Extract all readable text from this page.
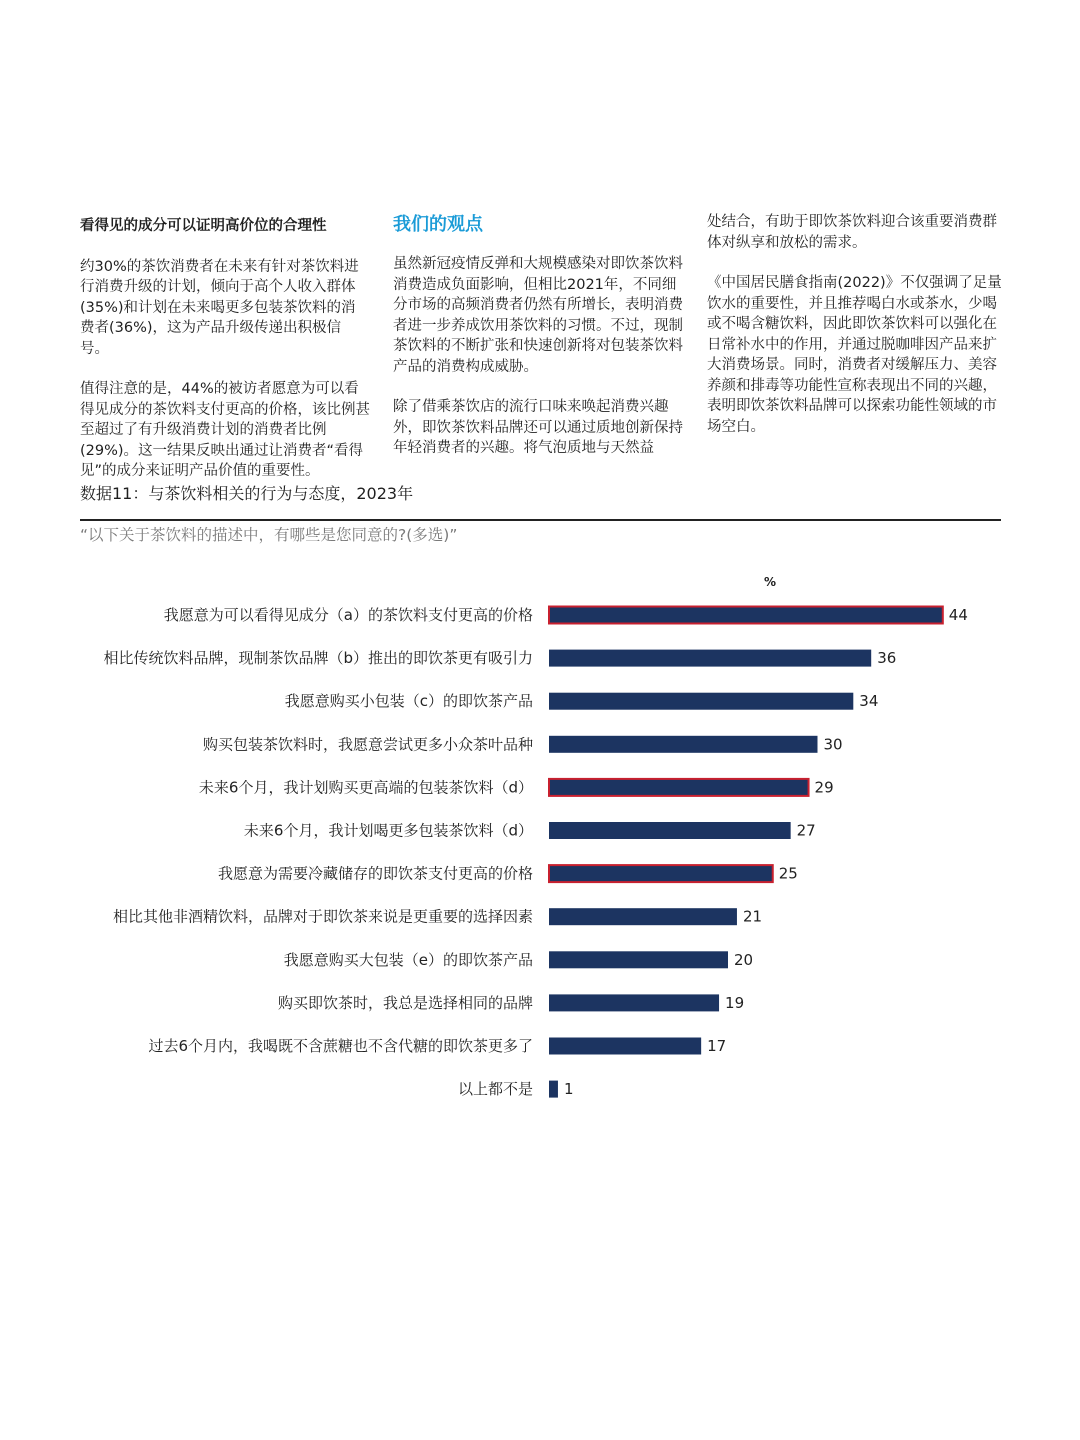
看得见的成分可以证明高价位的合理性

约30%的茶饮消费者在未来有针对茶饮料进行消费升级的计划，倾向于高个人收入群体(35%)和计划在未来喝更多包装茶饮料的消费者(36%)，这为产品升级传递出积极信号。

值得注意的是，44%的被访者愿意为可以看得见成分的茶饮料支付更高的价格，该比例甚至超过了有升级消费计划的消费者比例(29%)。这一结果反映出通过让消费者“看得见”的成分来证明产品价值的重要性。

我们的观点

虽然新冠疫情反弹和大规模感染对即饮茶饮料消费造成负面影响，但相比2021年，不同细分市场的高频消费者仍然有所增长，表明消费者进一步养成饮用茶饮料的习惯。不过，现制茶饮料的不断扩张和快速创新将对包装茶饮料产品的消费构成威胁。

除了借乘茶饮店的流行口味来唤起消费兴趣外，即饮茶饮料品牌还可以通过质地创新保持年轻消费者的兴趣。将气泡质地与天然益

处结合，有助于即饮茶饮料迎合该重要消费群体对纵享和放松的需求。

《中国居民膳食指南(2022)》不仅强调了足量饮水的重要性，并且推荐喝白水或茶水，少喝或不喝含糖饮料，因此即饮茶饮料可以强化在日常补水中的作用，并通过脱咖啡因产品来扩大消费场景。同时，消费者对缓解压力、美容养颜和排毒等功能性宣称表现出不同的兴趣，表明即饮茶饮料品牌可以探索功能性领域的市场空白。

数据11：与茶饮料相关的行为与态度，2023年
“以下关于茶饮料的描述中，有哪些是您同意的?(多选)”
%
我愿意为可以看得见成分（a）的茶饮料支付更高的价格	44
相比传统饮料品牌，现制茶饮品牌（b）推出的即饮茶更有吸引力	36
我愿意购买小包装（c）的即饮茶产品	34
购买包装茶饮料时，我愿意尝试更多小众茶叶品种	30
未来6个月，我计划购买更高端的包装茶饮料（d）	29
未来6个月，我计划喝更多包装茶饮料（d）	27
我愿意为需要冷藏储存的即饮茶支付更高的价格	25
相比其他非酒精饮料，品牌对于即饮茶来说是更重要的选择因素	21
我愿意购买大包装（e）的即饮茶产品	20
购买即饮茶时，我总是选择相同的品牌	19
过去6个月内，我喝既不含蔗糖也不含代糖的即饮茶更多了	17
以上都不是 1
